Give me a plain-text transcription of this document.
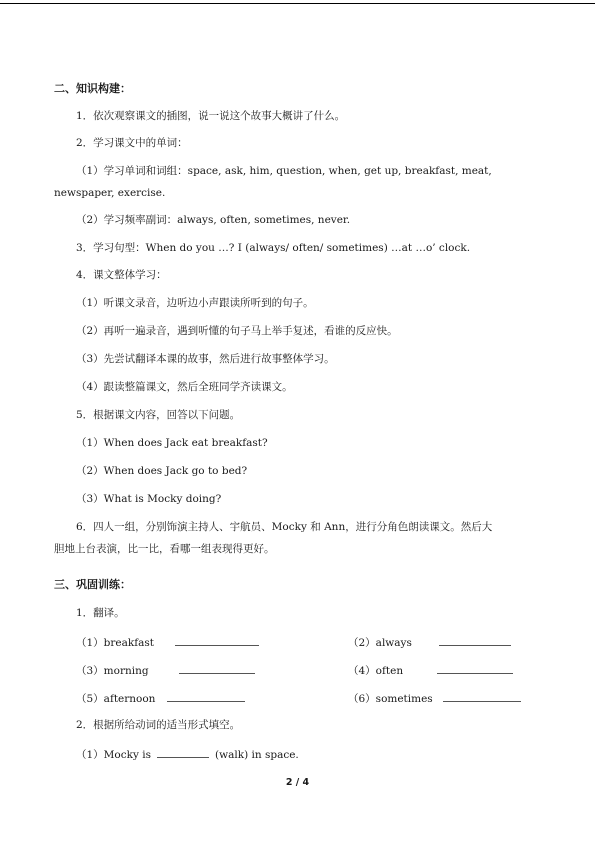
二、知识构建：
1．依次观察课文的插图，说一说这个故事大概讲了什么。
2．学习课文中的单词：
（1）学习单词和词组：space, ask, him, question, when, get up, breakfast, meat,
newspaper, exercise.
（2）学习频率副词：always, often, sometimes, never.
3．学习句型：When do you …? I (always/ often/ sometimes) …at …o’ clock.
4．课文整体学习：
（1）听课文录音，边听边小声跟读所听到的句子。
（2）再听一遍录音，遇到听懂的句子马上举手复述，看谁的反应快。
（3）先尝试翻译本课的故事，然后进行故事整体学习。
（4）跟读整篇课文，然后全班同学齐读课文。
5．根据课文内容，回答以下问题。
（1）When does Jack eat breakfast?
（2）When does Jack go to bed?
（3）What is Mocky doing?
6．四人一组，分别饰演主持人、宇航员、Mocky 和 Ann，进行分角色朗读课文。然后大
胆地上台表演，比一比，看哪一组表现得更好。
三、巩固训练：
1．翻译。
（1）breakfast	（2）always
（3）morning	（4）often
（5）afternoon	（6）sometimes
2．根据所给动词的适当形式填空。
（1）Mocky is	(walk) in space.
2 / 4
